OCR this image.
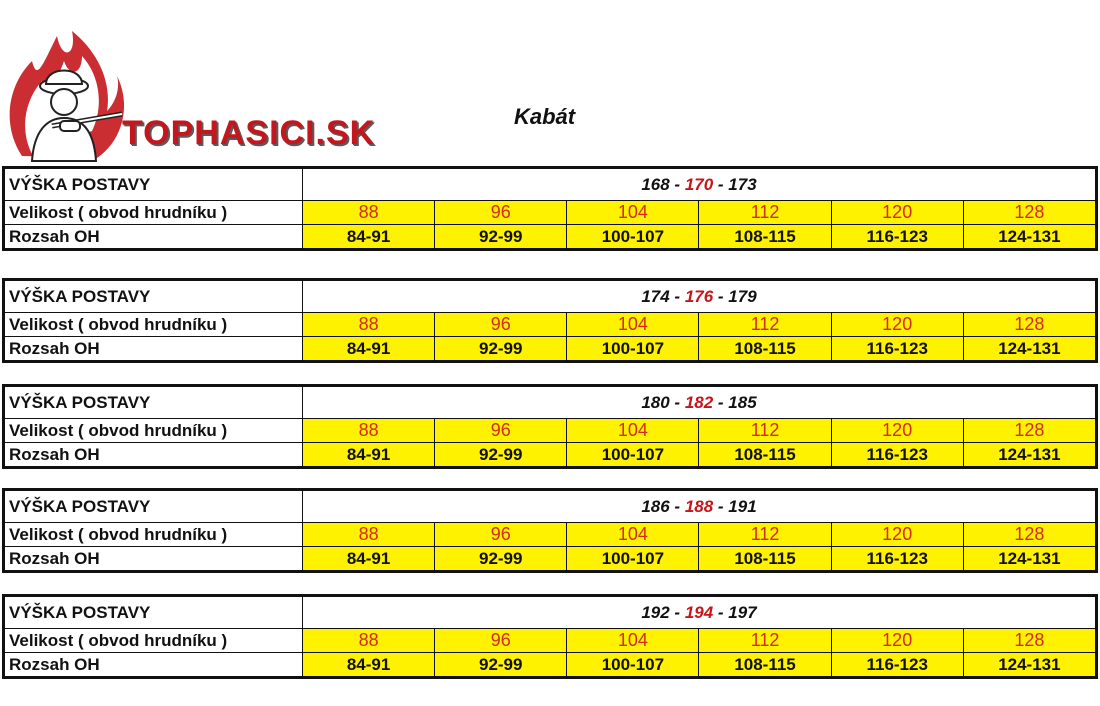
TOPHASICI.SK	Kabát
VÝŠKA POSTAVY	168 - 170 - 173					
Velikost ( obvod hrudníku )	88	96	104	112	120	128
Rozsah OH	84-91	92-99	100-107	108-115	116-123	124-131
VÝŠKA POSTAVY	174 - 176 - 179					
Velikost ( obvod hrudníku )	88	96	104	112	120	128
Rozsah OH	84-91	92-99	100-107	108-115	116-123	124-131
VÝŠKA POSTAVY	180 - 182 - 185					
Velikost ( obvod hrudníku )	88	96	104	112	120	128
Rozsah OH	84-91	92-99	100-107	108-115	116-123	124-131
VÝŠKA POSTAVY	186 - 188 - 191					
Velikost ( obvod hrudníku )	88	96	104	112	120	128
Rozsah OH	84-91	92-99	100-107	108-115	116-123	124-131
VÝŠKA POSTAVY	192 - 194 - 197					
Velikost ( obvod hrudníku )	88	96	104	112	120	128
Rozsah OH	84-91	92-99	100-107	108-115	116-123	124-131
